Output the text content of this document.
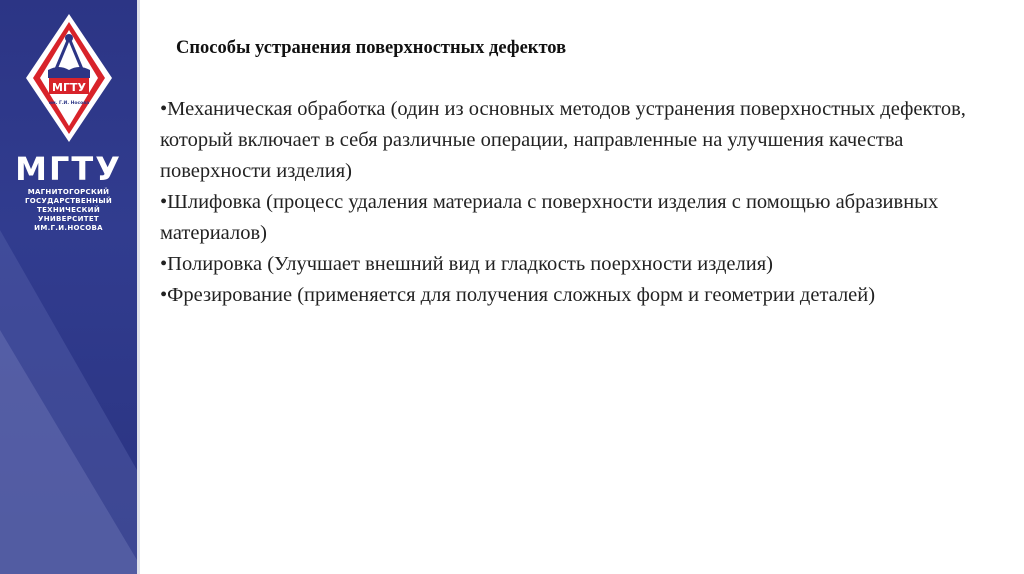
МГТУ
им. Г.И. Носова
МГТУ
МАГНИТОГОРСКИЙ
ГОСУДАРСТВЕННЫЙ
ТЕХНИЧЕСКИЙ
УНИВЕРСИТЕТ
ИМ.Г.И.НОСОВА
Способы устранения поверхностных дефектов

•Механическая обработка (один из основных методов устранения поверхностных дефектов, который включает в себя различные операции, направленные на улучшения качества поверхности изделия)

•Шлифовка (процесс удаления материала с поверхности изделия с помощью абразивных материалов)

•Полировка (Улучшает внешний вид и гладкость поерхности изделия)

•Фрезирование (применяется для получения сложных форм и геометрии деталей)
